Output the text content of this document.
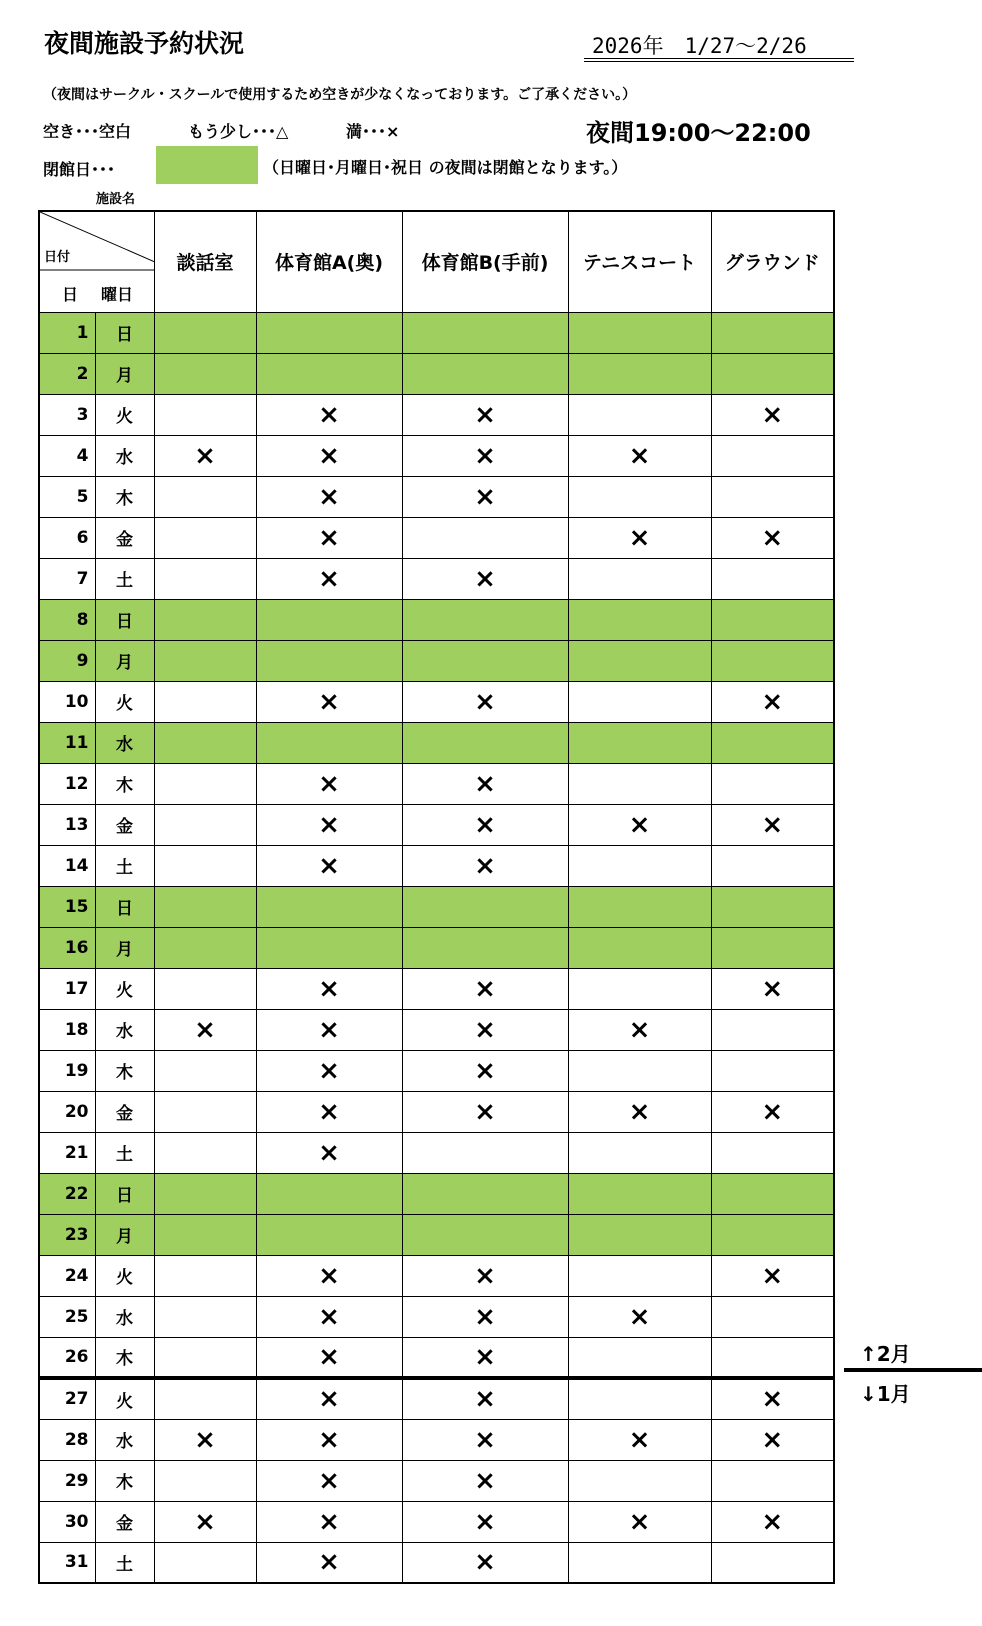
夜間施設予約状況	2026年　1/27～2/26
（夜間はサークル・スクールで使用するため空きが少なくなっております。ご了承ください。）
空き･･･空白	もう少し･･･△	満･･･×	夜間19:00～22:00
閉館日･･･	（日曜日･月曜日･祝日 の夜間は閉館となります。）
施設名
日付
日 曜日		談話室	体育館A(奥)	体育館B(手前)	テニスコート	グラウンド
1	日					
2	月					
3	火		×	×		×
4	水	×	×	×	×	
5	木		×	×		
6	金		×		×	×
7	土		×	×		
8	日					
9	月					
10	火		×	×		×
11	水					
12	木		×	×		
13	金		×	×	×	×
14	土		×	×		
15	日					
16	月					
17	火		×	×		×
18	水	×	×	×	×	
19	木		×	×		
20	金		×	×	×	×
21	土		×			
22	日					
23	月					
24	火		×	×		×
25	水		×	×	×	
26	木		×	×		
27	火		×	×		×
28	水	×	×	×	×	×
29	木		×	×		
30	金	×	×	×	×	×
31	土		×	×		
↑2月
↓1月
